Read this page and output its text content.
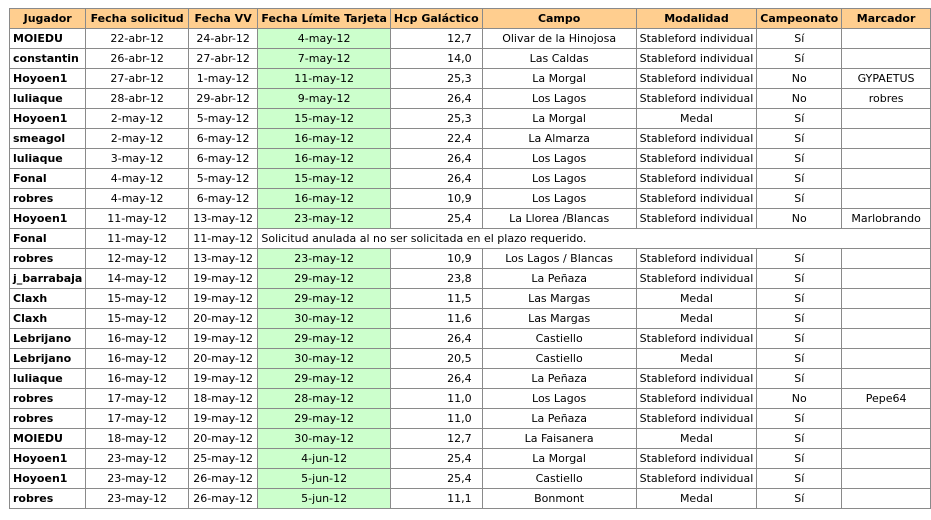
Jugador	Fecha solicitud	Fecha VV	Fecha Límite Tarjeta	Hcp Galáctico	Campo	Modalidad	Campeonato	Marcador
MOIEDU	22-abr-12	24-abr-12	4-may-12	12,7	Olivar de la Hinojosa	Stableford individual	Sí	
constantin	26-abr-12	27-abr-12	7-may-12	14,0	Las Caldas	Stableford individual	Sí	
Hoyoen1	27-abr-12	1-may-12	11-may-12	25,3	La Morgal	Stableford individual	No	GYPAETUS
luliaque	28-abr-12	29-abr-12	9-may-12	26,4	Los Lagos	Stableford individual	No	robres
Hoyoen1	2-may-12	5-may-12	15-may-12	25,3	La Morgal	Medal	Sí	
smeagol	2-may-12	6-may-12	16-may-12	22,4	La Almarza	Stableford individual	Sí	
luliaque	3-may-12	6-may-12	16-may-12	26,4	Los Lagos	Stableford individual	Sí	
Fonal	4-may-12	5-may-12	15-may-12	26,4	Los Lagos	Stableford individual	Sí	
robres	4-may-12	6-may-12	16-may-12	10,9	Los Lagos	Stableford individual	Sí	
Hoyoen1	11-may-12	13-may-12	23-may-12	25,4	La Llorea /Blancas	Stableford individual	No	Marlobrando
Fonal	11-may-12	11-may-12	Solicitud anulada al no ser solicitada en el plazo requerido.					
robres	12-may-12	13-may-12	23-may-12	10,9	Los Lagos / Blancas	Stableford individual	Sí	
j_barrabaja	14-may-12	19-may-12	29-may-12	23,8	La Peñaza	Stableford individual	Sí	
Claxh	15-may-12	19-may-12	29-may-12	11,5	Las Margas	Medal	Sí	
Claxh	15-may-12	20-may-12	30-may-12	11,6	Las Margas	Medal	Sí	
Lebrijano	16-may-12	19-may-12	29-may-12	26,4	Castiello	Stableford individual	Sí	
Lebrijano	16-may-12	20-may-12	30-may-12	20,5	Castiello	Medal	Sí	
luliaque	16-may-12	19-may-12	29-may-12	26,4	La Peñaza	Stableford individual	Sí	
robres	17-may-12	18-may-12	28-may-12	11,0	Los Lagos	Stableford individual	No	Pepe64
robres	17-may-12	19-may-12	29-may-12	11,0	La Peñaza	Stableford individual	Sí	
MOIEDU	18-may-12	20-may-12	30-may-12	12,7	La Faisanera	Medal	Sí	
Hoyoen1	23-may-12	25-may-12	4-jun-12	25,4	La Morgal	Stableford individual	Sí	
Hoyoen1	23-may-12	26-may-12	5-jun-12	25,4	Castiello	Stableford individual	Sí	
robres	23-may-12	26-may-12	5-jun-12	11,1	Bonmont	Medal	Sí	
